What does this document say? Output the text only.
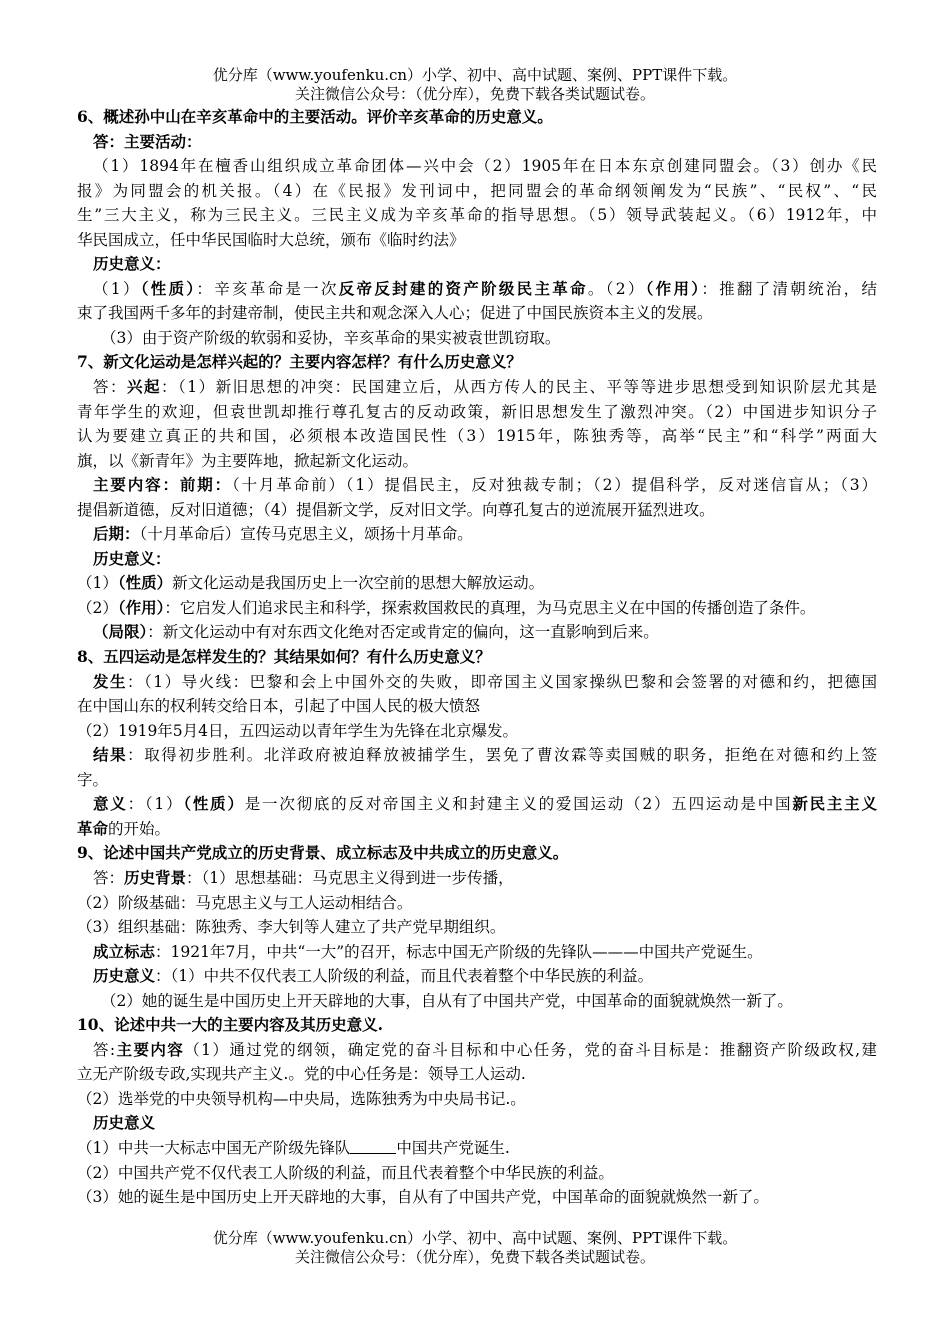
优分库（www.youfenku.cn）小学、初中、高中试题、案例、PPT课件下载。
关注微信公众号：（优分库），免费下载各类试题试卷。
6、概述孙中山在辛亥革命中的主要活动。评价辛亥革命的历史意义。
答：主要活动：
（1）1894年在檀香山组织成立革命团体—兴中会（2）1905年在日本东京创建同盟会。（3）创办《民
报》为同盟会的机关报。（4）在《民报》发刊词中，把同盟会的革命纲领阐发为“民族”、“民权”、“民
生”三大主义，称为三民主义。三民主义成为辛亥革命的指导思想。（5）领导武装起义。（6）1912年，中
华民国成立，任中华民国临时大总统，颁布《临时约法》
历史意义：
（1）（性质）：辛亥革命是一次反帝反封建的资产阶级民主革命。（2）（作用）：推翻了清朝统治，结
束了我国两千多年的封建帝制，使民主共和观念深入人心；促进了中国民族资本主义的发展。
（3）由于资产阶级的软弱和妥协，辛亥革命的果实被袁世凯窃取。
7、新文化运动是怎样兴起的？主要内容怎样？有什么历史意义？
答：兴起：（1）新旧思想的冲突：民国建立后，从西方传人的民主、平等等进步思想受到知识阶层尤其是
青年学生的欢迎，但袁世凯却推行尊孔复古的反动政策，新旧思想发生了激烈冲突。（2）中国进步知识分子
认为要建立真正的共和国，必须根本改造国民性（3）1915年，陈独秀等，高举“民主”和“科学”两面大
旗，以《新青年》为主要阵地，掀起新文化运动。
主要内容：前期：（十月革命前）（1）提倡民主，反对独裁专制；（2）提倡科学，反对迷信盲从；（3）
提倡新道德，反对旧道德；（4）提倡新文学，反对旧文学。向尊孔复古的逆流展开猛烈进攻。
后期：（十月革命后）宣传马克思主义，颂扬十月革命。
历史意义：
（1）（性质）新文化运动是我国历史上一次空前的思想大解放运动。
（2）（作用）：它启发人们追求民主和科学，探索救国救民的真理，为马克思主义在中国的传播创造了条件。
（局限）：新文化运动中有对东西文化绝对否定或肯定的偏向，这一直影响到后来。
8、五四运动是怎样发生的？其结果如何？有什么历史意义？
发生：（1）导火线：巴黎和会上中国外交的失败，即帝国主义国家操纵巴黎和会签署的对德和约，把德国
在中国山东的权利转交给日本，引起了中国人民的极大愤怒
（2）1919年5月4日，五四运动以青年学生为先锋在北京爆发。
结果：取得初步胜利。北洋政府被迫释放被捕学生，罢免了曹汝霖等卖国贼的职务，拒绝在对德和约上签
字。
意义：（1）（性质）是一次彻底的反对帝国主义和封建主义的爱国运动（2）五四运动是中国新民主主义
革命的开始。
9、论述中国共产党成立的历史背景、成立标志及中共成立的历史意义。
答：历史背景：（1）思想基础：马克思主义得到进一步传播，
（2）阶级基础：马克思主义与工人运动相结合。
（3）组织基础：陈独秀、李大钊等人建立了共产党早期组织。
成立标志：1921年7月，中共“一大”的召开，标志中国无产阶级的先锋队———中国共产党诞生。
历史意义：（1）中共不仅代表工人阶级的利益，而且代表着整个中华民族的利益。
（2）她的诞生是中国历史上开天辟地的大事，自从有了中国共产党，中国革命的面貌就焕然一新了。
10、论述中共一大的主要内容及其历史意义.
答:主要内容（1）通过党的纲领，确定党的奋斗目标和中心任务，党的奋斗目标是：推翻资产阶级政权,建
立无产阶级专政,实现共产主义.。党的中心任务是：领导工人运动.
（2）选举党的中央领导机构—中央局，选陈独秀为中央局书记.。
历史意义
（1）中共一大标志中国无产阶级先锋队	中国共产党诞生.
（2）中国共产党不仅代表工人阶级的利益，而且代表着整个中华民族的利益。
（3）她的诞生是中国历史上开天辟地的大事，自从有了中国共产党，中国革命的面貌就焕然一新了。
优分库（www.youfenku.cn）小学、初中、高中试题、案例、PPT课件下载。
关注微信公众号：（优分库），免费下载各类试题试卷。
